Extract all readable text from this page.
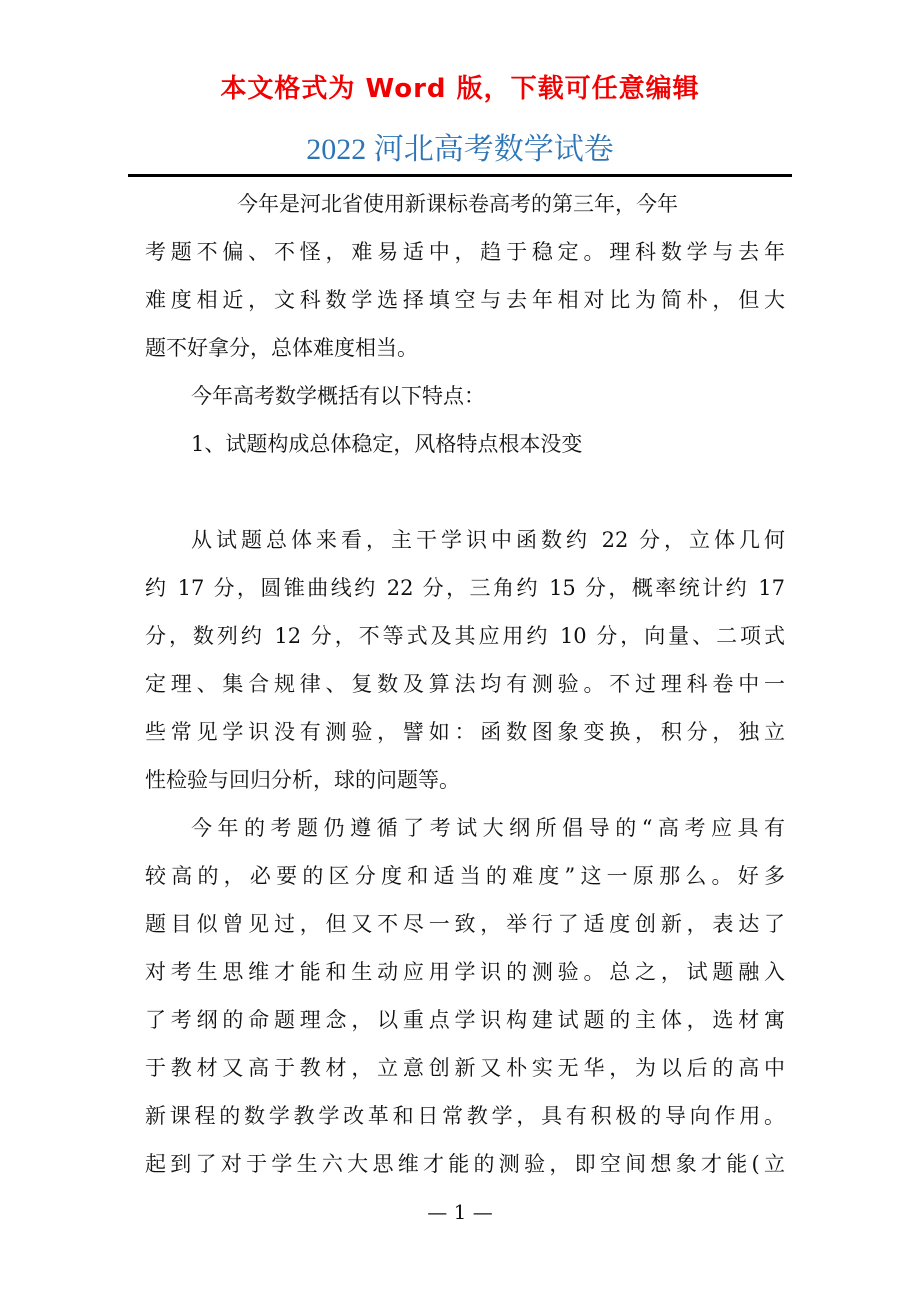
本文格式为 Word 版，下载可任意编辑
2022 河北高考数学试卷
今年是河北省使用新课标卷高考的第三年，今年
考题不偏、不怪，难易适中，趋于稳定。理科数学与去年
难度相近，文科数学选择填空与去年相对比为简朴，但大
题不好拿分，总体难度相当。
今年高考数学概括有以下特点：
1、试题构成总体稳定，风格特点根本没变
从试题总体来看，主干学识中函数约 22 分，立体几何
约 17 分，圆锥曲线约 22 分，三角约 15 分，概率统计约 17
分，数列约 12 分，不等式及其应用约 10 分，向量、二项式
定理、集合规律、复数及算法均有测验。不过理科卷中一
些常见学识没有测验，譬如：函数图象变换，积分，独立
性检验与回归分析，球的问题等。
今年的考题仍遵循了考试大纲所倡导的“高考应具有
较高的，必要的区分度和适当的难度”这一原那么。好多
题目似曾见过，但又不尽一致，举行了适度创新，表达了
对考生思维才能和生动应用学识的测验。总之，试题融入
了考纲的命题理念，以重点学识构建试题的主体，选材寓
于教材又高于教材，立意创新又朴实无华，为以后的高中
新课程的数学教学改革和日常教学，具有积极的导向作用。
起到了对于学生六大思维才能的测验，即空间想象才能(立
— 1 —
